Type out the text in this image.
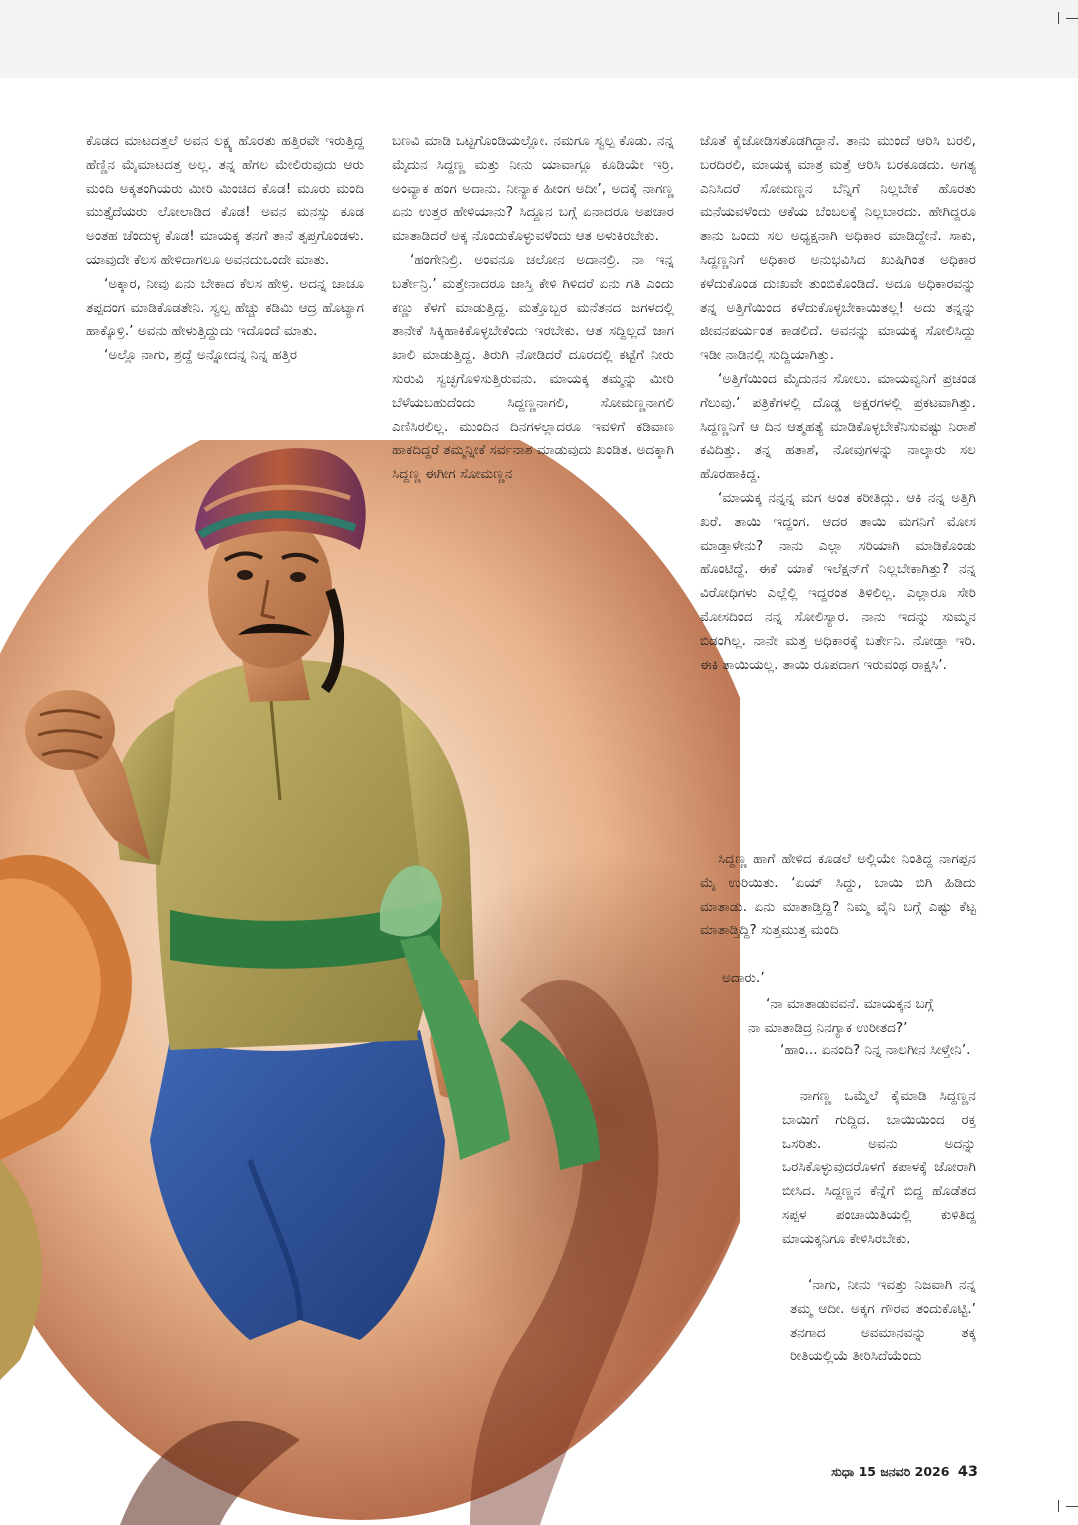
ಕೊಡದ ಮಾಟದತ್ತಲೆ ಅವನ ಲಕ್ಷ್ಯ ಹೊರತು ಹತ್ತಿರವೇ ಇರುತ್ತಿದ್ದ ಹೆಣ್ಣಿನ ಮೈಮಾಟದತ್ತ ಅಲ್ಲ. ತನ್ನ ಹೆಗಲ ಮೇಲಿರುವುದು ಆರು ಮಂದಿ ಅಕ್ಕತಂಗಿಯರು ಮೀರಿ ಮಿಂಚಿದ ಕೊಡ! ಮೂರು ಮಂದಿ ಮುತ್ತೈದೆಯರು ಲೋಲಾಡಿದ ಕೊಡ! ಅವನ ಮನಸ್ಸು ಕೂಡ ಅಂತಹ ಚೆಂದುಳ್ಳ ಕೊಡ! ಮಾಯಕ್ಕ ತನಗೆ ತಾನೆ ತೃಪ್ತಗೊಂಡಳು. ಯಾವುದೇ ಕೆಲಸ ಹೇಳಿದಾಗಲೂ ಅವನದುಒಂದೇ ಮಾತು.

‘ಅಕ್ಕಾರ, ನೀವು ಏನು ಬೇಕಾದ ಕೆಲಸ ಹೇಳ್ರಿ. ಅದನ್ನ ಚಾಚೂ ತಪ್ಪದಂಗ ಮಾಡಿಕೊಡತೇನಿ. ಸ್ವಲ್ಪ ಹೆಚ್ಚು ಕಡಿಮಿ ಆದ್ರ ಹೊಟ್ಯಾಗ ಹಾಕ್ಕೊಳ್ರಿ.’ ಅವನು ಹೇಳುತ್ತಿದ್ದುದು ಇದೊಂದೆ ಮಾತು.

‘ಅಲ್ಲೊ ನಾಗು, ಶ್ರದ್ದೆ ಅನ್ನೋದನ್ನ ನಿನ್ನ ಹತ್ತಿರ

ಬಣವಿ ಮಾಡಿ ಒಟ್ಟಗೊಂಡಿಯಲ್ಲೋ. ನಮಗೂ ಸ್ವಲ್ಪ ಕೊಡು. ನನ್ನ ಮೈದುನ ಸಿದ್ದಣ್ಣ ಮತ್ತು ನೀನು ಯಾವಾಗ್ಲೂ ಕೂಡಿಯೇ ಇರ್ರಿ. ಅಂವ್ಯಾಕ ಹಂಗ ಅದಾನು. ನೀನ್ಯಾಕ ಹೀಂಗ ಅದೀ’, ಅದಕ್ಕೆ ನಾಗಣ್ಣ ಏನು ಉತ್ತರ ಹೇಳಿಯಾನು? ಸಿದ್ದೂನ ಬಗ್ಗೆ ಏನಾದರೂ ಅಪಚಾರ ಮಾತಾಡಿದರೆ ಅಕ್ಕ ನೊಂದುಕೊಳ್ಳುವಳೆಂದು ಆತ ಅಳುಕಿರಬೇಕು.

‘ಹಂಗೇನಿಲ್ರಿ. ಅಂವನೂ ಚಲೋನ ಅದಾನಲ್ರಿ. ನಾ ಇನ್ನ ಬರ್ತೇನ್ರಿ.’ ಮತ್ತೇನಾದರೂ ಜಾಸ್ತಿ ಕೇಳಿ ಗಿಳಿದರೆ ಏನು ಗತಿ ಎಂದು ಕಣ್ಣು ಕೆಳಗೆ ಮಾಡುತ್ತಿದ್ದ. ಮತ್ತೊಬ್ಬರ ಮನೆತನದ ಜಗಳದಲ್ಲಿ ತಾನೇಕೆ ಸಿಕ್ಕಿಹಾಕಿಕೊಳ್ಳಬೇಕೆಂದು ಇರಬೇಕು. ಆತ ಸದ್ದಿಲ್ಲದೆ ಜಾಗ ಖಾಲಿ ಮಾಡುತ್ತಿದ್ದ. ತಿರುಗಿ ನೋಡಿದರೆ ದೂರದಲ್ಲಿ ಕಟ್ಟೆಗೆ ನೀರು ಸುರುವಿ ಸ್ವಚ್ಛಗೊಳಿಸುತ್ತಿರುವನು. ಮಾಯಕ್ಕ ತಮ್ಮನ್ನು ಮೀರಿ ಬೆಳೆಯಬಹುದೆಂದು ಸಿದ್ದಣ್ಣನಾಗಲಿ, ಸೋಮಣ್ಣನಾಗಲಿ ಎಣಿಸಿರಲಿಲ್ಲ. ಮುಂದಿನ ದಿನಗಳಲ್ಲಾದರೂ ಇವಳಿಗೆ ಕಡಿವಾಣ ಹಾಕದಿದ್ದರೆ ತಮ್ಮನ್ನೀಕೆ ಸರ್ವನಾಶ ಮಾಡುವುದು ಖಂಡಿತ. ಅದಕ್ಕಾಗಿ ಸಿದ್ದಣ್ಣ ಈಗೀಗ ಸೋಮಣ್ಣನ

ಜೊತೆ ಕೈಜೋಡಿಸತೊಡಗಿದ್ದಾನೆ. ತಾನು ಮುಂದೆ ಆರಿಸಿ ಬರಲಿ, ಬರದಿರಲಿ, ಮಾಯಕ್ಕ ಮಾತ್ರ ಮತ್ತೆ ಆರಿಸಿ ಬರಕೂಡದು. ಅಗತ್ಯ ಎನಿಸಿದರೆ ಸೋಮಣ್ಣನ ಬೆನ್ನಿಗೆ ನಿಲ್ಲಬೇಕೆ ಹೊರತು ಮನೆಯವಳೆಂದು ಆಕೆಯ ಬೆಂಬಲಕ್ಕೆ ನಿಲ್ಲಬಾರದು. ಹೇಗಿದ್ದರೂ ತಾನು ಒಂದು ಸಲ ಅಧ್ಯಕ್ಷನಾಗಿ ಅಧಿಕಾರ ಮಾಡಿದ್ದೇನೆ. ಸಾಕು, ಸಿದ್ದಣ್ಣನಿಗೆ ಅಧಿಕಾರ ಅನುಭವಿಸಿದ ಖುಷಿಗಿಂತ ಅಧಿಕಾರ ಕಳೆದುಕೊಂಡ ದುಃಖವೇ ತುಂಬಿಕೊಂಡಿದೆ. ಅದೂ ಅಧಿಕಾರವನ್ನು ತನ್ನ ಅತ್ತಿಗೆಯಿಂದ ಕಳೆದುಕೊಳ್ಳಬೇಕಾಯಿತಲ್ಲ! ಅದು ತನ್ನನ್ನು ಜೀವನಪರ್ಯಂತ ಕಾಡಲಿದೆ. ಅವನನ್ನು ಮಾಯಕ್ಕ ಸೋಲಿಸಿದ್ದು ಇಡೀ ನಾಡಿನಲ್ಲಿ ಸುದ್ದಿಯಾಗಿತ್ತು.

‘ಅತ್ತಿಗೆಯಿಂದ ಮೈದುನನ ಸೋಲು. ಮಾಯವ್ವನಿಗೆ ಪ್ರಚಂಡ ಗೆಲುವು.’ ಪತ್ರಿಕೆಗಳಲ್ಲಿ ದೊಡ್ಡ ಅಕ್ಷರಗಳಲ್ಲಿ ಪ್ರಕಟವಾಗಿತ್ತು. ಸಿದ್ದಣ್ಣನಿಗೆ ಆ ದಿನ ಆತ್ಮಹತ್ಯೆ ಮಾಡಿಕೊಳ್ಳಬೇಕೆನಿಸುವಷ್ಟು ನಿರಾಶೆ ಕವಿದಿತ್ತು. ತನ್ನ ಹತಾಶೆ, ನೋವುಗಳನ್ನು ನಾಲ್ಕಾರು ಸಲ ಹೊರಹಾಕಿದ್ದ.

‘ಮಾಯಕ್ಕ ನನ್ನನ್ನ ಮಗ ಅಂತ ಕರೀತಿದ್ಲು. ಆಕಿ ನನ್ನ ಅತ್ತಿಗಿ ಖರೆ. ತಾಯಿ ಇದ್ದಂಗ. ಆದರ ತಾಯಿ ಮಗನಿಗೆ ಮೋಸ ಮಾಡ್ತಾಳೇನು? ನಾನು ಎಲ್ಲಾ ಸರಿಯಾಗಿ ಮಾಡಿಕೊಂಡು ಹೊಂಟಿದ್ದೆ. ಈಕೆ ಯಾಕೆ ಇಲೆಕ್ಷನ್‌ಗೆ ನಿಲ್ಲಬೇಕಾಗಿತ್ತು? ನನ್ನ ವಿರೋಧಿಗಳು ಎಲ್ಲೆಲ್ಲಿ ಇದ್ದರಂತ ತಿಳಿಲಿಲ್ಲ. ಎಲ್ಲಾರೂ ಸೇರಿ ಮೋಸದಿಂದ ನನ್ನ ಸೋಲಿಸ್ಯಾರ. ನಾನು ಇದನ್ನು ಸುಮ್ಮನ ಬಿಡಂಗಿಲ್ಲ. ನಾನೇ ಮತ್ತ ಅಧಿಕಾರಕ್ಕೆ ಬರ್ತೇನಿ. ನೋಡ್ತಾ ಇರಿ. ಈಕಿ ತಾಯಿಯಲ್ಲ. ತಾಯಿ ರೂಪದಾಗ ಇರುವಂಥ ರಾಕ್ಷಸಿ’.

ಸಿದ್ದಣ್ಣ ಹಾಗೆ ಹೇಳಿದ ಕೂಡಲೆ ಅಲ್ಲಿಯೇ ನಿಂತಿದ್ದ ನಾಗಪ್ಪನ ಮೈ ಉರಿಯಿತು. ‘ಏಯ್ ಸಿದ್ದು, ಬಾಯಿ ಬಿಗಿ ಹಿಡಿದು ಮಾತಾಡು. ಏನು ಮಾತಾಡ್ತಿದ್ದಿ? ನಿಮ್ಮ ವೈನಿ ಬಗ್ಗೆ ಎಷ್ಟು ಕೆಟ್ಟ ಮಾತಾಡ್ತಿದ್ದಿ? ಸುತ್ತಮುತ್ತ ಮಂದಿ

ಅದಾರು.’

‘ನಾ ಮಾತಾಡುವವನೆ. ಮಾಯಕ್ಕನ ಬಗ್ಗೆ

ನಾ ಮಾತಾಡಿದ್ರ ನಿನಗ್ಯಾಕ ಉರೀತದ?’

‘ಹಾಂ... ಏನಂದಿ? ನಿನ್ನ ನಾಲಗೀನ ಸೀಳ್ತೇನಿ’.

ನಾಗಣ್ಣ ಒಮ್ಮೆಲೆ ಕೈಮಾಡಿ ಸಿದ್ದಣ್ಣನ ಬಾಯಿಗೆ ಗುದ್ದಿದ. ಬಾಯಿಯಿಂದ ರಕ್ತ ಒಸರಿತು. ಅವನು ಅದನ್ನು ಒರಸಿಕೊಳ್ಳುವುದರೊಳಗೆ ಕಪಾಳಕ್ಕೆ ಜೋರಾಗಿ ಬೀಸಿದ. ಸಿದ್ದಣ್ಣನ ಕೆನ್ನೆಗೆ ಬಿದ್ದ ಹೊಡೆತದ ಸಪ್ಪಳ ಪಂಚಾಯಿತಿಯಲ್ಲಿ ಕುಳಿತಿದ್ದ ಮಾಯಕ್ಕನಿಗೂ ಕೇಳಿಸಿರಬೇಕು.

‘ನಾಗು, ನೀನು ಇವತ್ತು ನಿಜವಾಗಿ ನನ್ನ ತಮ್ಮ ಆದೀ. ಅಕ್ಕಗ ಗೌರವ ತಂದುಕೊಟ್ಟಿ.’ ತನಗಾದ ಅವಮಾನವನ್ನು ತಕ್ಕ ರೀತಿಯಲ್ಲಿಯೆ ತೀರಿಸಿದೆಯೆಂದು

ಸುಧಾ 15 ಜನವರಿ 2026 43
